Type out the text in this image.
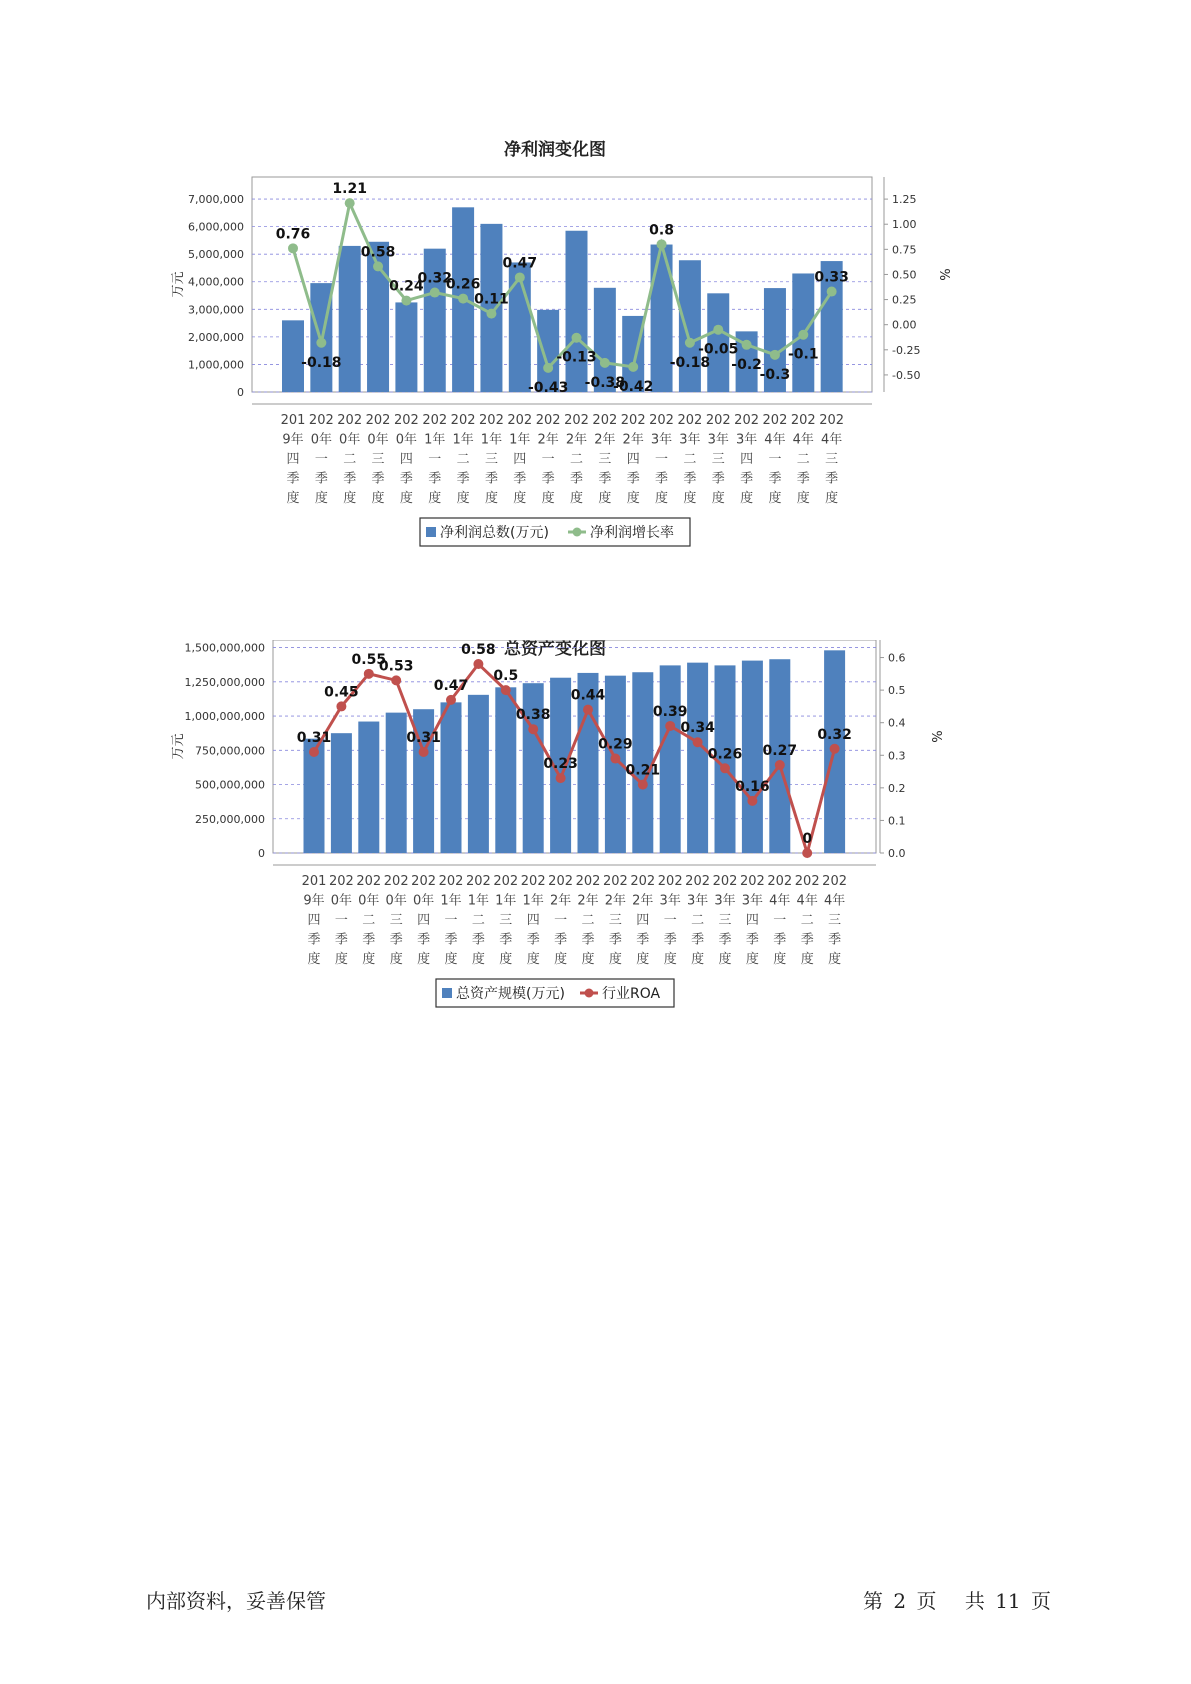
净利润变化图
0
1,000,000
2,000,000
3,000,000
4,000,000
5,000,000
6,000,000
7,000,000
-0.50
-0.25
0.00
0.25
0.50
0.75
1.00
1.25
万元	%
201
9年
四
季
度
202
0年
一
季
度
202
0年
二
季
度
202
0年
三
季
度
202
0年
四
季
度
202
1年
一
季
度
202
1年
二
季
度
202
1年
三
季
度
202
1年
四
季
度
202
2年
一
季
度
202
2年
二
季
度
202
2年
三
季
度
202
2年
四
季
度
202
3年
一
季
度
202
3年
二
季
度
202
3年
三
季
度
202
3年
四
季
度
202
4年
一
季
度
202
4年
二
季
度
202
4年
三
季
度
0.76
-0.18
1.21
0.58
0.24
0.32
0.26
0.11
0.47
-0.43
-0.13
-0.38
-0.42
0.8
-0.18
-0.05
-0.2
-0.3
-0.1
0.33
净利润总数(万元)	净利润增长率
总资产变化图
0
250,000,000
500,000,000
750,000,000
1,000,000,000
1,250,000,000
1,500,000,000
0.0
0.1
0.2
0.3
0.4
0.5
0.6
万元	%
201
9年
四
季
度
202
0年
一
季
度
202
0年
二
季
度
202
0年
三
季
度
202
0年
四
季
度
202
1年
一
季
度
202
1年
二
季
度
202
1年
三
季
度
202
1年
四
季
度
202
2年
一
季
度
202
2年
二
季
度
202
2年
三
季
度
202
2年
四
季
度
202
3年
一
季
度
202
3年
二
季
度
202
3年
三
季
度
202
3年
四
季
度
202
4年
一
季
度
202
4年
二
季
度
202
4年
三
季
度
0.31
0.45
0.55
0.53
0.31
0.47
0.58
0.5
0.38
0.23
0.44
0.29
0.21
0.39
0.34
0.26
0.16
0.27
0
0.32
总资产规模(万元)	行业ROA
内部资料，妥善保管	第 2 页 共 11 页
